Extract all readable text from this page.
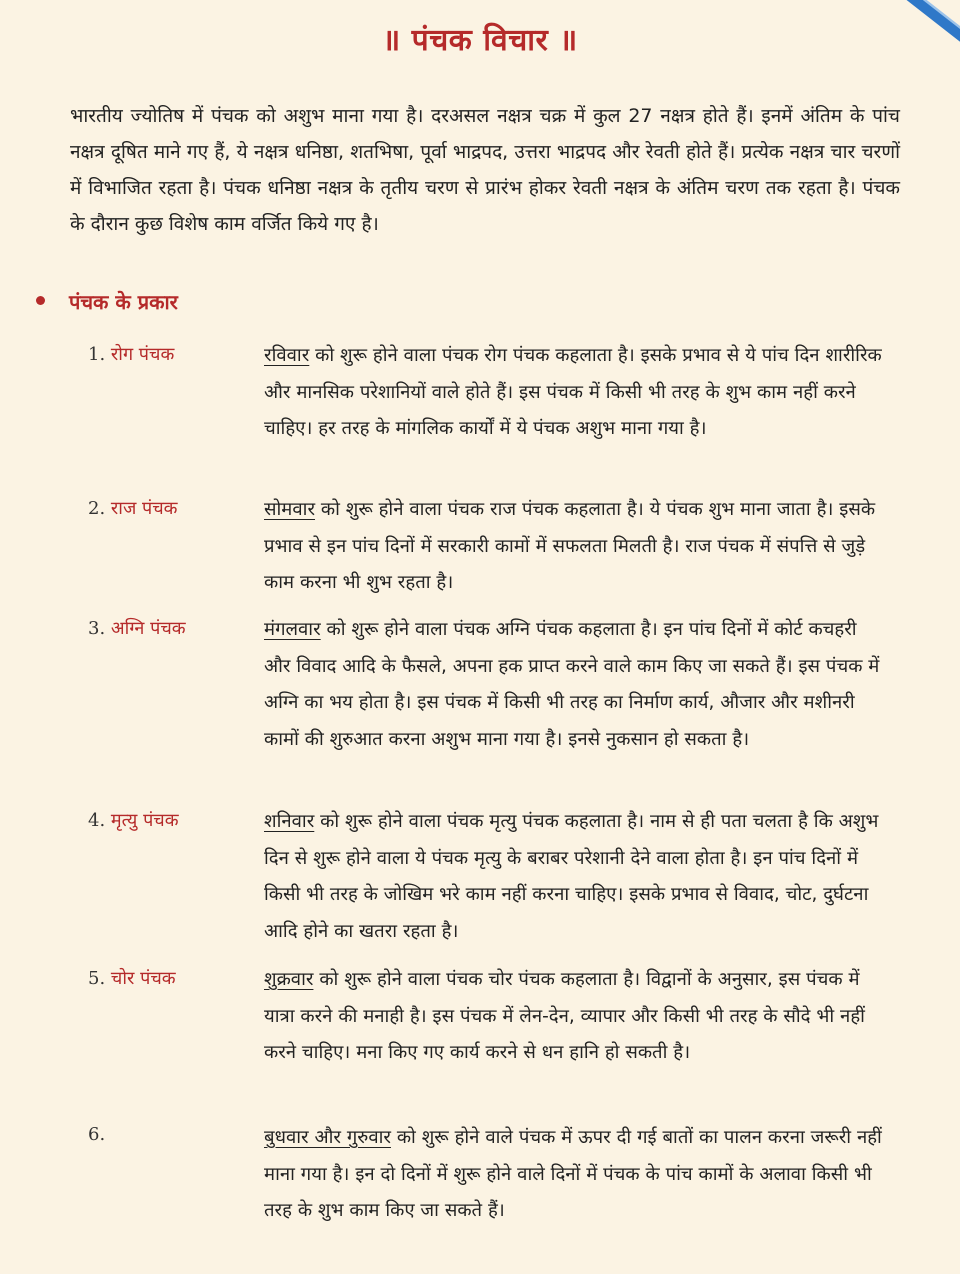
॥ पंचक विचार ॥
भारतीय ज्योतिष में पंचक को अशुभ माना गया है। दरअसल नक्षत्र चक्र में कुल 27 नक्षत्र होते हैं। इनमें अंतिम के पांच नक्षत्र दूषित माने गए हैं, ये नक्षत्र धनिष्ठा, शतभिषा, पूर्वा भाद्रपद, उत्तरा भाद्रपद और रेवती होते हैं। प्रत्येक नक्षत्र चार चरणों में विभाजित रहता है। पंचक धनिष्ठा नक्षत्र के तृतीय चरण से प्रारंभ होकर रेवती नक्षत्र के अंतिम चरण तक रहता है। पंचक के दौरान कुछ विशेष काम वर्जित किये गए है।
पंचक के प्रकार
1. रोग पंचक	रविवार को शुरू होने वाला पंचक रोग पंचक कहलाता है। इसके प्रभाव से ये पांच दिन शारीरिक और मानसिक परेशानियों वाले होते हैं। इस पंचक में किसी भी तरह के शुभ काम नहीं करने चाहिए। हर तरह के मांगलिक कार्यों में ये पंचक अशुभ माना गया है।
2. राज पंचक	सोमवार को शुरू होने वाला पंचक राज पंचक कहलाता है। ये पंचक शुभ माना जाता है। इसके प्रभाव से इन पांच दिनों में सरकारी कामों में सफलता मिलती है। राज पंचक में संपत्ति से जुड़े काम करना भी शुभ रहता है।
3. अग्नि पंचक	मंगलवार को शुरू होने वाला पंचक अग्नि पंचक कहलाता है। इन पांच दिनों में कोर्ट कचहरी और विवाद आदि के फैसले, अपना हक प्राप्त करने वाले काम किए जा सकते हैं। इस पंचक में अग्नि का भय होता है। इस पंचक में किसी भी तरह का निर्माण कार्य, औजार और मशीनरी कामों की शुरुआत करना अशुभ माना गया है। इनसे नुकसान हो सकता है।
4. मृत्यु पंचक	शनिवार को शुरू होने वाला पंचक मृत्यु पंचक कहलाता है। नाम से ही पता चलता है कि अशुभ दिन से शुरू होने वाला ये पंचक मृत्यु के बराबर परेशानी देने वाला होता है। इन पांच दिनों में किसी भी तरह के जोखिम भरे काम नहीं करना चाहिए। इसके प्रभाव से विवाद, चोट, दुर्घटना आदि होने का खतरा रहता है।
5. चोर पंचक	शुक्रवार को शुरू होने वाला पंचक चोर पंचक कहलाता है। विद्वानों के अनुसार, इस पंचक में यात्रा करने की मनाही है। इस पंचक में लेन-देन, व्यापार और किसी भी तरह के सौदे भी नहीं करने चाहिए। मना किए गए कार्य करने से धन हानि हो सकती है।
6.	बुधवार और गुरुवार को शुरू होने वाले पंचक में ऊपर दी गई बातों का पालन करना जरूरी नहीं माना गया है। इन दो दिनों में शुरू होने वाले दिनों में पंचक के पांच कामों के अलावा किसी भी तरह के शुभ काम किए जा सकते हैं।
